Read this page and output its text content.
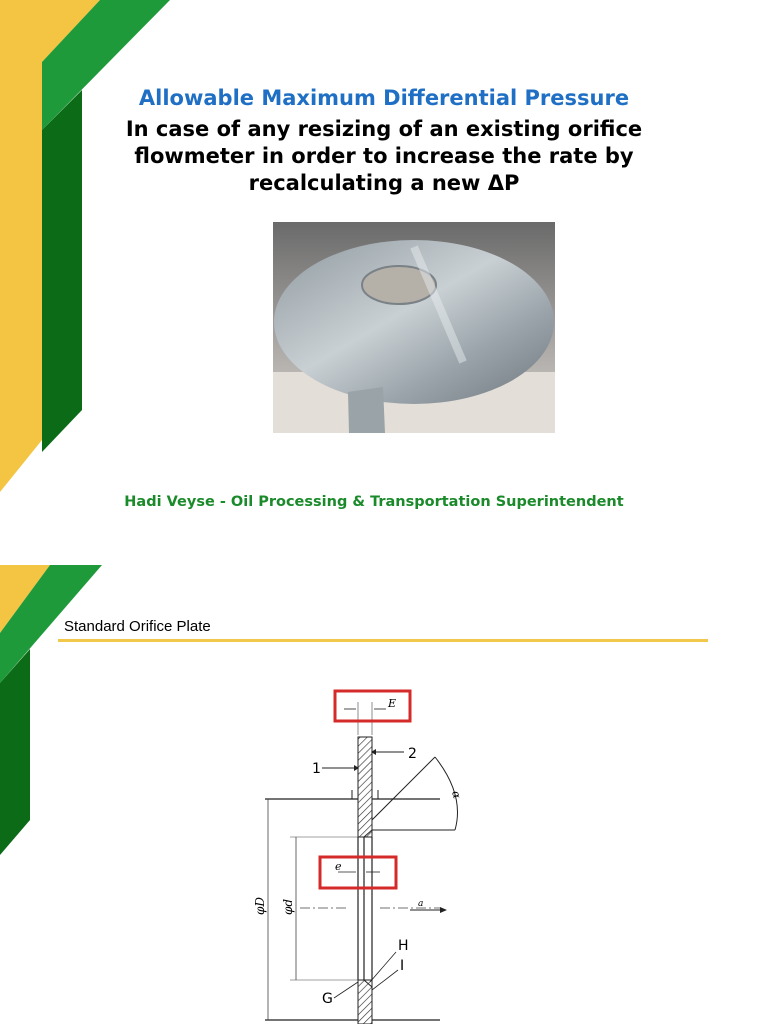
Allowable Maximum Differential Pressure
In case of any resizing of an existing orifice
flowmeter in order to increase the rate by
recalculating a new ΔP
Hadi Veyse - Oil Processing & Transportation Superintendent
Standard Orifice Plate
φD φd
α
a
1
2
E
e
H
I
G
